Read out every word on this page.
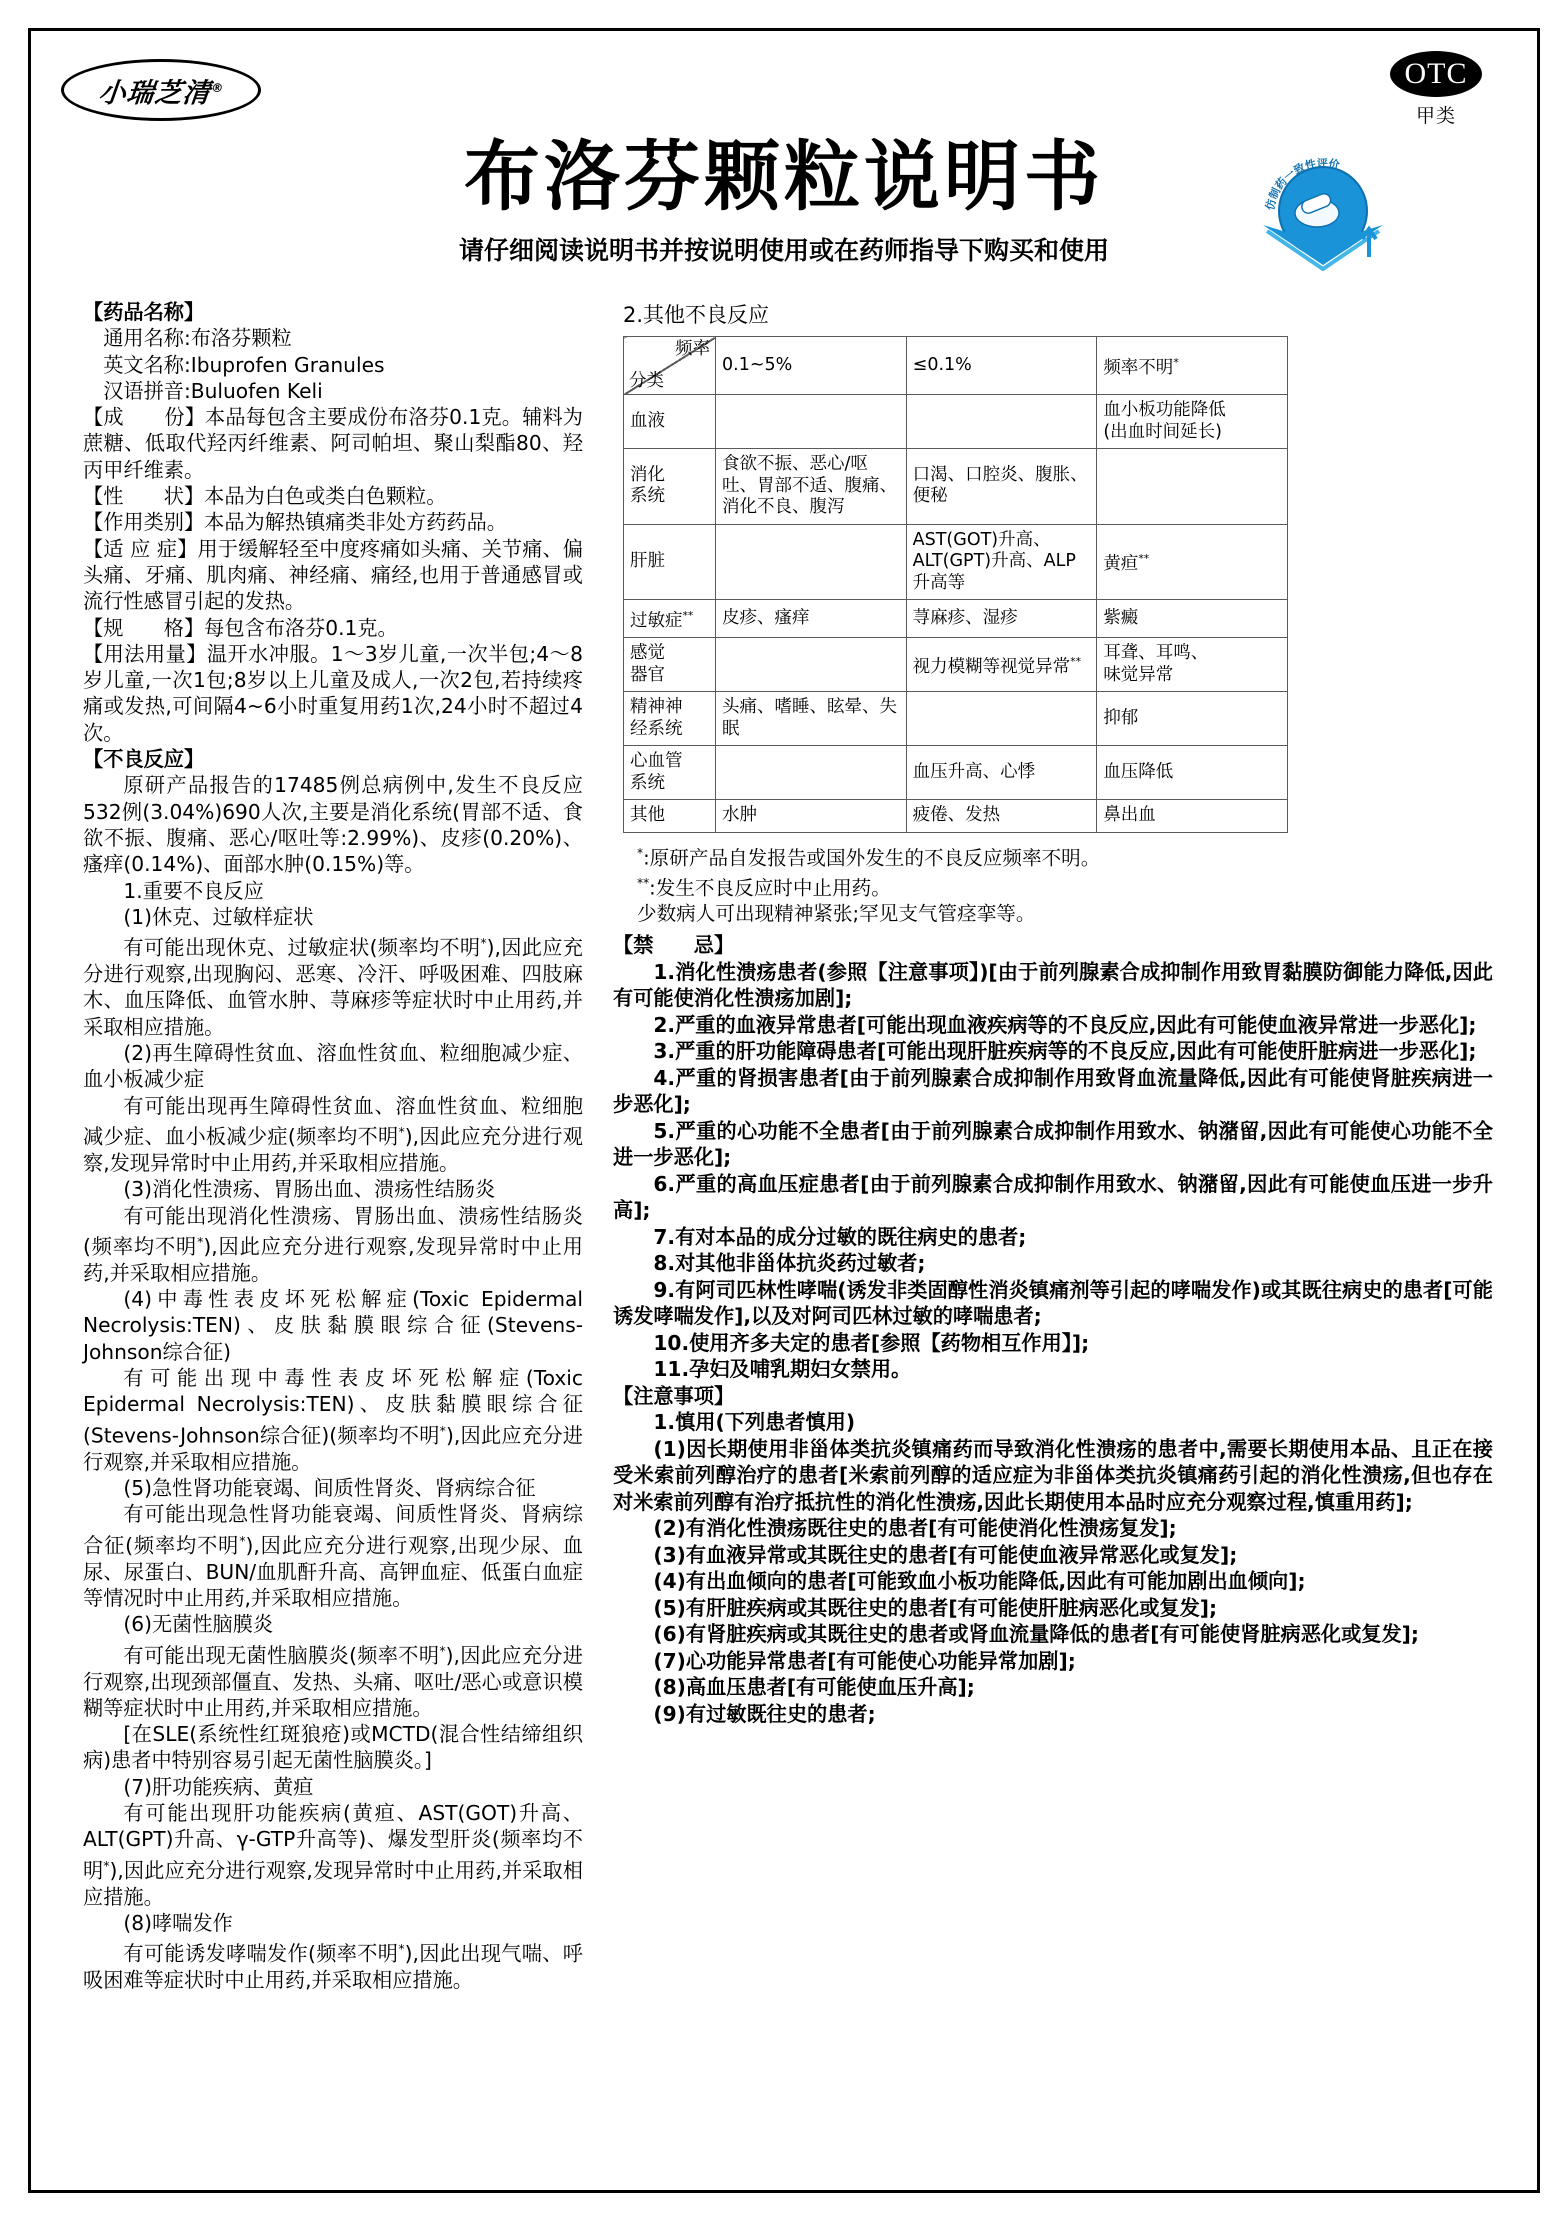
小瑞芝清®	OTC
甲类
布洛芬颗粒说明书
请仔细阅读说明书并按说明使用或在药师指导下购买和使用
仿制药一致性评价

【药品名称】

通用名称:布洛芬颗粒

英文名称:Ibuprofen Granules

汉语拼音:Buluofen Keli

【成　　份】本品每包含主要成份布洛芬0.1克。辅料为蔗糖、低取代羟丙纤维素、阿司帕坦、聚山梨酯80、羟丙甲纤维素。

【性　　状】本品为白色或类白色颗粒。

【作用类别】本品为解热镇痛类非处方药药品。

【适 应 症】用于缓解轻至中度疼痛如头痛、关节痛、偏头痛、牙痛、肌肉痛、神经痛、痛经,也用于普通感冒或流行性感冒引起的发热。

【规　　格】每包含布洛芬0.1克。

【用法用量】温开水冲服。1～3岁儿童,一次半包;4～8岁儿童,一次1包;8岁以上儿童及成人,一次2包,若持续疼痛或发热,可间隔4~6小时重复用药1次,24小时不超过4次。

【不良反应】

原研产品报告的17485例总病例中,发生不良反应532例(3.04%)690人次,主要是消化系统(胃部不适、食欲不振、腹痛、恶心/呕吐等:2.99%)、皮疹(0.20%)、瘙痒(0.14%)、面部水肿(0.15%)等。

1.重要不良反应

(1)休克、过敏样症状

有可能出现休克、过敏症状(频率均不明*),因此应充分进行观察,出现胸闷、恶寒、冷汗、呼吸困难、四肢麻木、血压降低、血管水肿、荨麻疹等症状时中止用药,并采取相应措施。

(2)再生障碍性贫血、溶血性贫血、粒细胞减少症、血小板减少症

有可能出现再生障碍性贫血、溶血性贫血、粒细胞减少症、血小板减少症(频率均不明*),因此应充分进行观察,发现异常时中止用药,并采取相应措施。

(3)消化性溃疡、胃肠出血、溃疡性结肠炎

有可能出现消化性溃疡、胃肠出血、溃疡性结肠炎(频率均不明*),因此应充分进行观察,发现异常时中止用药,并采取相应措施。

(4)中毒性表皮坏死松解症(Toxic Epidermal Necrolysis:TEN)、皮肤黏膜眼综合征(Stevens-Johnson综合征)

有可能出现中毒性表皮坏死松解症(Toxic Epidermal Necrolysis:TEN)、皮肤黏膜眼综合征(Stevens-Johnson综合征)(频率均不明*),因此应充分进行观察,并采取相应措施。

(5)急性肾功能衰竭、间质性肾炎、肾病综合征

有可能出现急性肾功能衰竭、间质性肾炎、肾病综合征(频率均不明*),因此应充分进行观察,出现少尿、血尿、尿蛋白、BUN/血肌酐升高、高钾血症、低蛋白血症等情况时中止用药,并采取相应措施。

(6)无菌性脑膜炎

有可能出现无菌性脑膜炎(频率不明*),因此应充分进行观察,出现颈部僵直、发热、头痛、呕吐/恶心或意识模糊等症状时中止用药,并采取相应措施。

[在SLE(系统性红斑狼疮)或MCTD(混合性结缔组织病)患者中特别容易引起无菌性脑膜炎。]

(7)肝功能疾病、黄疸

有可能出现肝功能疾病(黄疸、AST(GOT)升高、ALT(GPT)升高、γ-GTP升高等)、爆发型肝炎(频率均不明*),因此应充分进行观察,发现异常时中止用药,并采取相应措施。

(8)哮喘发作

有可能诱发哮喘发作(频率不明*),因此出现气喘、呼吸困难等症状时中止用药,并采取相应措施。

2.其他不良反应
频率
分类	0.1~5%	≤0.1%	频率不明*
血液			血小板功能降低
(出血时间延长)
消化
系统	食欲不振、恶心/呕吐、胃部不适、腹痛、消化不良、腹泻	口渴、口腔炎、腹胀、便秘	
肝脏		AST(GOT)升高、ALT(GPT)升高、ALP升高等	黄疸**
过敏症**	皮疹、瘙痒	荨麻疹、湿疹	紫癜
感觉
器官		视力模糊等视觉异常**	耳聋、耳鸣、
味觉异常
精神神
经系统	头痛、嗜睡、眩晕、失眠		抑郁
心血管
系统		血压升高、心悸	血压降低
其他	水肿	疲倦、发热	鼻出血

*:原研产品自发报告或国外发生的不良反应频率不明。

**:发生不良反应时中止用药。

少数病人可出现精神紧张;罕见支气管痉挛等。

【禁　　忌】

1.消化性溃疡患者(参照【注意事项】)[由于前列腺素合成抑制作用致胃黏膜防御能力降低,因此有可能使消化性溃疡加剧];

2.严重的血液异常患者[可能出现血液疾病等的不良反应,因此有可能使血液异常进一步恶化];

3.严重的肝功能障碍患者[可能出现肝脏疾病等的不良反应,因此有可能使肝脏病进一步恶化];

4.严重的肾损害患者[由于前列腺素合成抑制作用致肾血流量降低,因此有可能使肾脏疾病进一步恶化];

5.严重的心功能不全患者[由于前列腺素合成抑制作用致水、钠潴留,因此有可能使心功能不全进一步恶化];

6.严重的高血压症患者[由于前列腺素合成抑制作用致水、钠潴留,因此有可能使血压进一步升高];

7.有对本品的成分过敏的既往病史的患者;

8.对其他非甾体抗炎药过敏者;

9.有阿司匹林性哮喘(诱发非类固醇性消炎镇痛剂等引起的哮喘发作)或其既往病史的患者[可能诱发哮喘发作],以及对阿司匹林过敏的哮喘患者;

10.使用齐多夫定的患者[参照【药物相互作用】];

11.孕妇及哺乳期妇女禁用。

【注意事项】

1.慎用(下列患者慎用)

(1)因长期使用非甾体类抗炎镇痛药而导致消化性溃疡的患者中,需要长期使用本品、且正在接受米索前列醇治疗的患者[米索前列醇的适应症为非甾体类抗炎镇痛药引起的消化性溃疡,但也存在对米索前列醇有治疗抵抗性的消化性溃疡,因此长期使用本品时应充分观察过程,慎重用药];

(2)有消化性溃疡既往史的患者[有可能使消化性溃疡复发];

(3)有血液异常或其既往史的患者[有可能使血液异常恶化或复发];

(4)有出血倾向的患者[可能致血小板功能降低,因此有可能加剧出血倾向];

(5)有肝脏疾病或其既往史的患者[有可能使肝脏病恶化或复发];

(6)有肾脏疾病或其既往史的患者或肾血流量降低的患者[有可能使肾脏病恶化或复发];

(7)心功能异常患者[有可能使心功能异常加剧];

(8)高血压患者[有可能使血压升高];

(9)有过敏既往史的患者;
